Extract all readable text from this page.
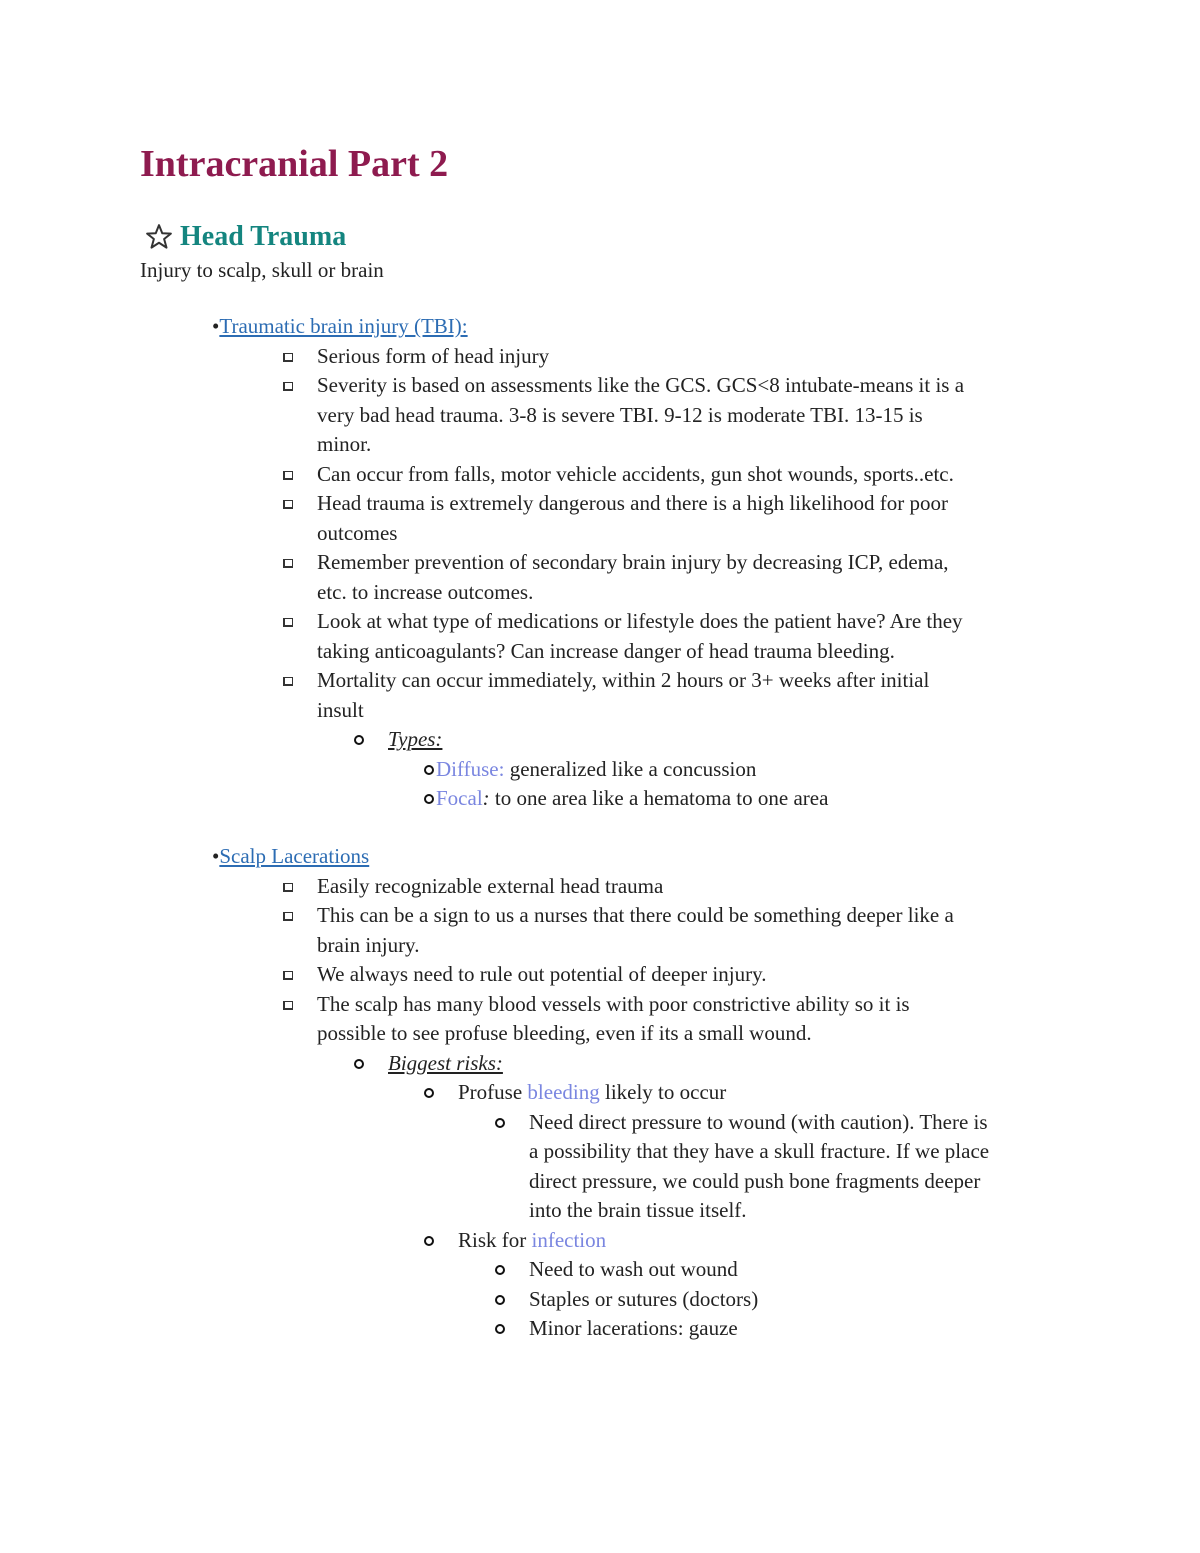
Intracranial Part 2
Head Trauma
Injury to scalp, skull or brain
•Traumatic brain injury (TBI):
Serious form of head injury
Severity is based on assessments like the GCS. GCS<8 intubate-means it is a
very bad head trauma. 3-8 is severe TBI. 9-12 is moderate TBI. 13-15 is
minor.
Can occur from falls, motor vehicle accidents, gun shot wounds, sports..etc.
Head trauma is extremely dangerous and there is a high likelihood for poor
outcomes
Remember prevention of secondary brain injury by decreasing ICP, edema,
etc. to increase outcomes.
Look at what type of medications or lifestyle does the patient have? Are they
taking anticoagulants? Can increase danger of head trauma bleeding.
Mortality can occur immediately, within 2 hours or 3+ weeks after initial
insult
Types:
Diffuse: generalized like a concussion
Focal: to one area like a hematoma to one area
•Scalp Lacerations
Easily recognizable external head trauma
This can be a sign to us a nurses that there could be something deeper like a
brain injury.
We always need to rule out potential of deeper injury.
The scalp has many blood vessels with poor constrictive ability so it is
possible to see profuse bleeding, even if its a small wound.
Biggest risks:
Profuse bleeding likely to occur
Need direct pressure to wound (with caution). There is
a possibility that they have a skull fracture. If we place
direct pressure, we could push bone fragments deeper
into the brain tissue itself.
Risk for infection
Need to wash out wound
Staples or sutures (doctors)
Minor lacerations: gauze
